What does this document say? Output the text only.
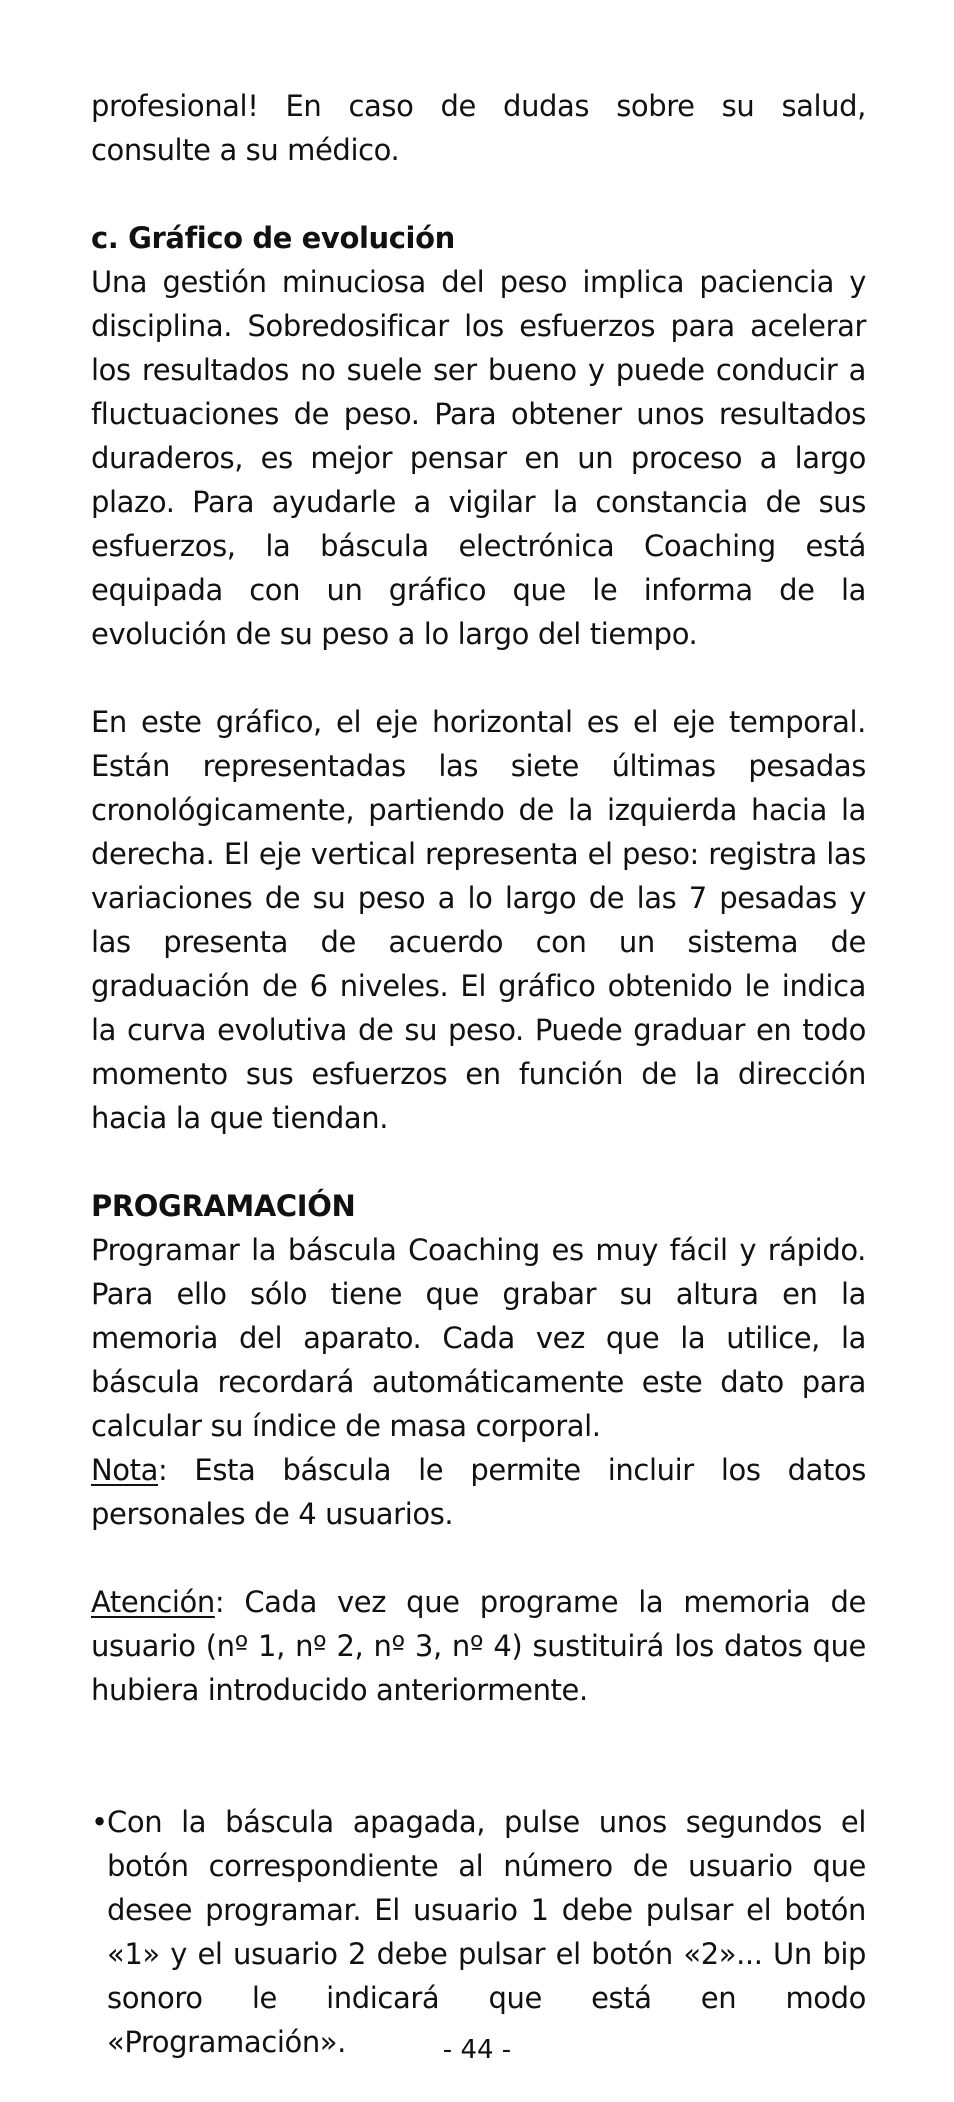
profesional! En caso de dudas sobre su salud, consulte a su médico.

c. Gráfico de evolución

Una gestión minuciosa del peso implica paciencia y disciplina. Sobredosificar los esfuerzos para acelerar los resultados no suele ser bueno y puede conducir a fluctuaciones de peso. Para obtener unos resultados duraderos, es mejor pensar en un proceso a largo plazo. Para ayudarle a vigilar la constancia de sus esfuerzos, la báscula electrónica Coaching está equipada con un gráfico que le informa de la evolución de su peso a lo largo del tiempo.

En este gráfico, el eje horizontal es el eje temporal. Están representadas las siete últimas pesadas cronológicamente, partiendo de la izquierda hacia la derecha. El eje vertical representa el peso: registra las variaciones de su peso a lo largo de las 7 pesadas y las presenta de acuerdo con un sistema de graduación de 6 niveles. El gráfico obtenido le indica la curva evolutiva de su peso. Puede graduar en todo momento sus esfuerzos en función de la dirección hacia la que tiendan.

PROGRAMACIÓN

Programar la báscula Coaching es muy fácil y rápido. Para ello sólo tiene que grabar su altura en la memoria del aparato. Cada vez que la utilice, la báscula recordará automáticamente este dato para calcular su índice de masa corporal.

Nota: Esta báscula le permite incluir los datos personales de 4 usuarios.

Atención: Cada vez que programe la memoria de usuario (nº 1, nº 2, nº 3, nº 4) sustituirá los datos que hubiera introducido anteriormente.

• Con la báscula apagada, pulse unos segundos el botón correspondiente al número de usuario que desee programar. El usuario 1 debe pulsar el botón «1» y el usuario 2 debe pulsar el botón «2»... Un bip sonoro le indicará que está en modo «Programación».	- 44 -
